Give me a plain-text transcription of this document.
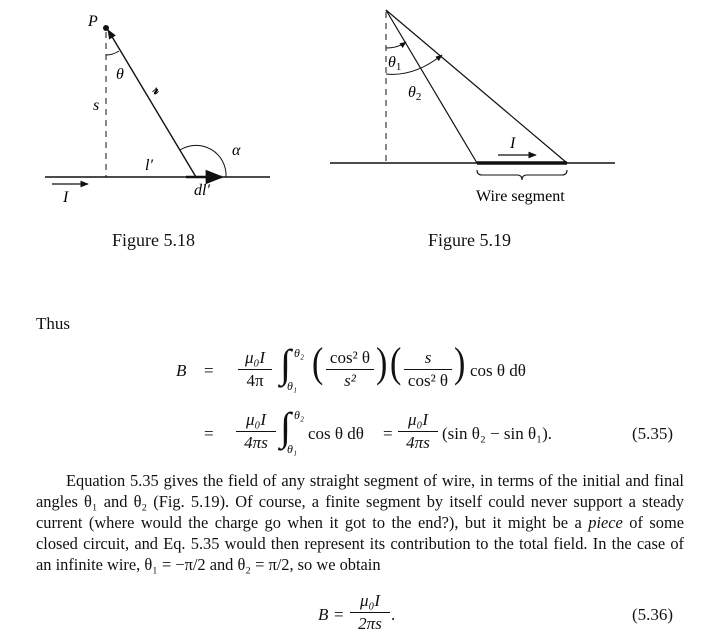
P
θ
𝓇
s
α
l′
dl′
I
θ1
θ2
I
Wire segment
Figure 5.18	Figure 5.19
Thus
B =
μ₀I
4π ∫ θ₂
θ₁ ( cos² θ
s² ) (	s
cos² θ ) cos θ dθ
=
μ₀I
4πs ∫ θ₂
θ₁
cos θ dθ =
μ₀I
4πs (sin θ₂ − sin θ₁).	(5.35)

Equation 5.35 gives the field of any straight segment of wire, in terms of the initial and final angles θ₁ and θ₂ (Fig. 5.19). Of course, a finite segment by itself could never support a steady current (where would the charge go when it got to the end?), but it might be a piece of some closed circuit, and Eq. 5.35 would then represent its contribution to the total field. In the case of an infinite wire, θ₁ = −π/2 and θ₂ = π/2, so we obtain

B =
μ₀I
2πs .	(5.36)
